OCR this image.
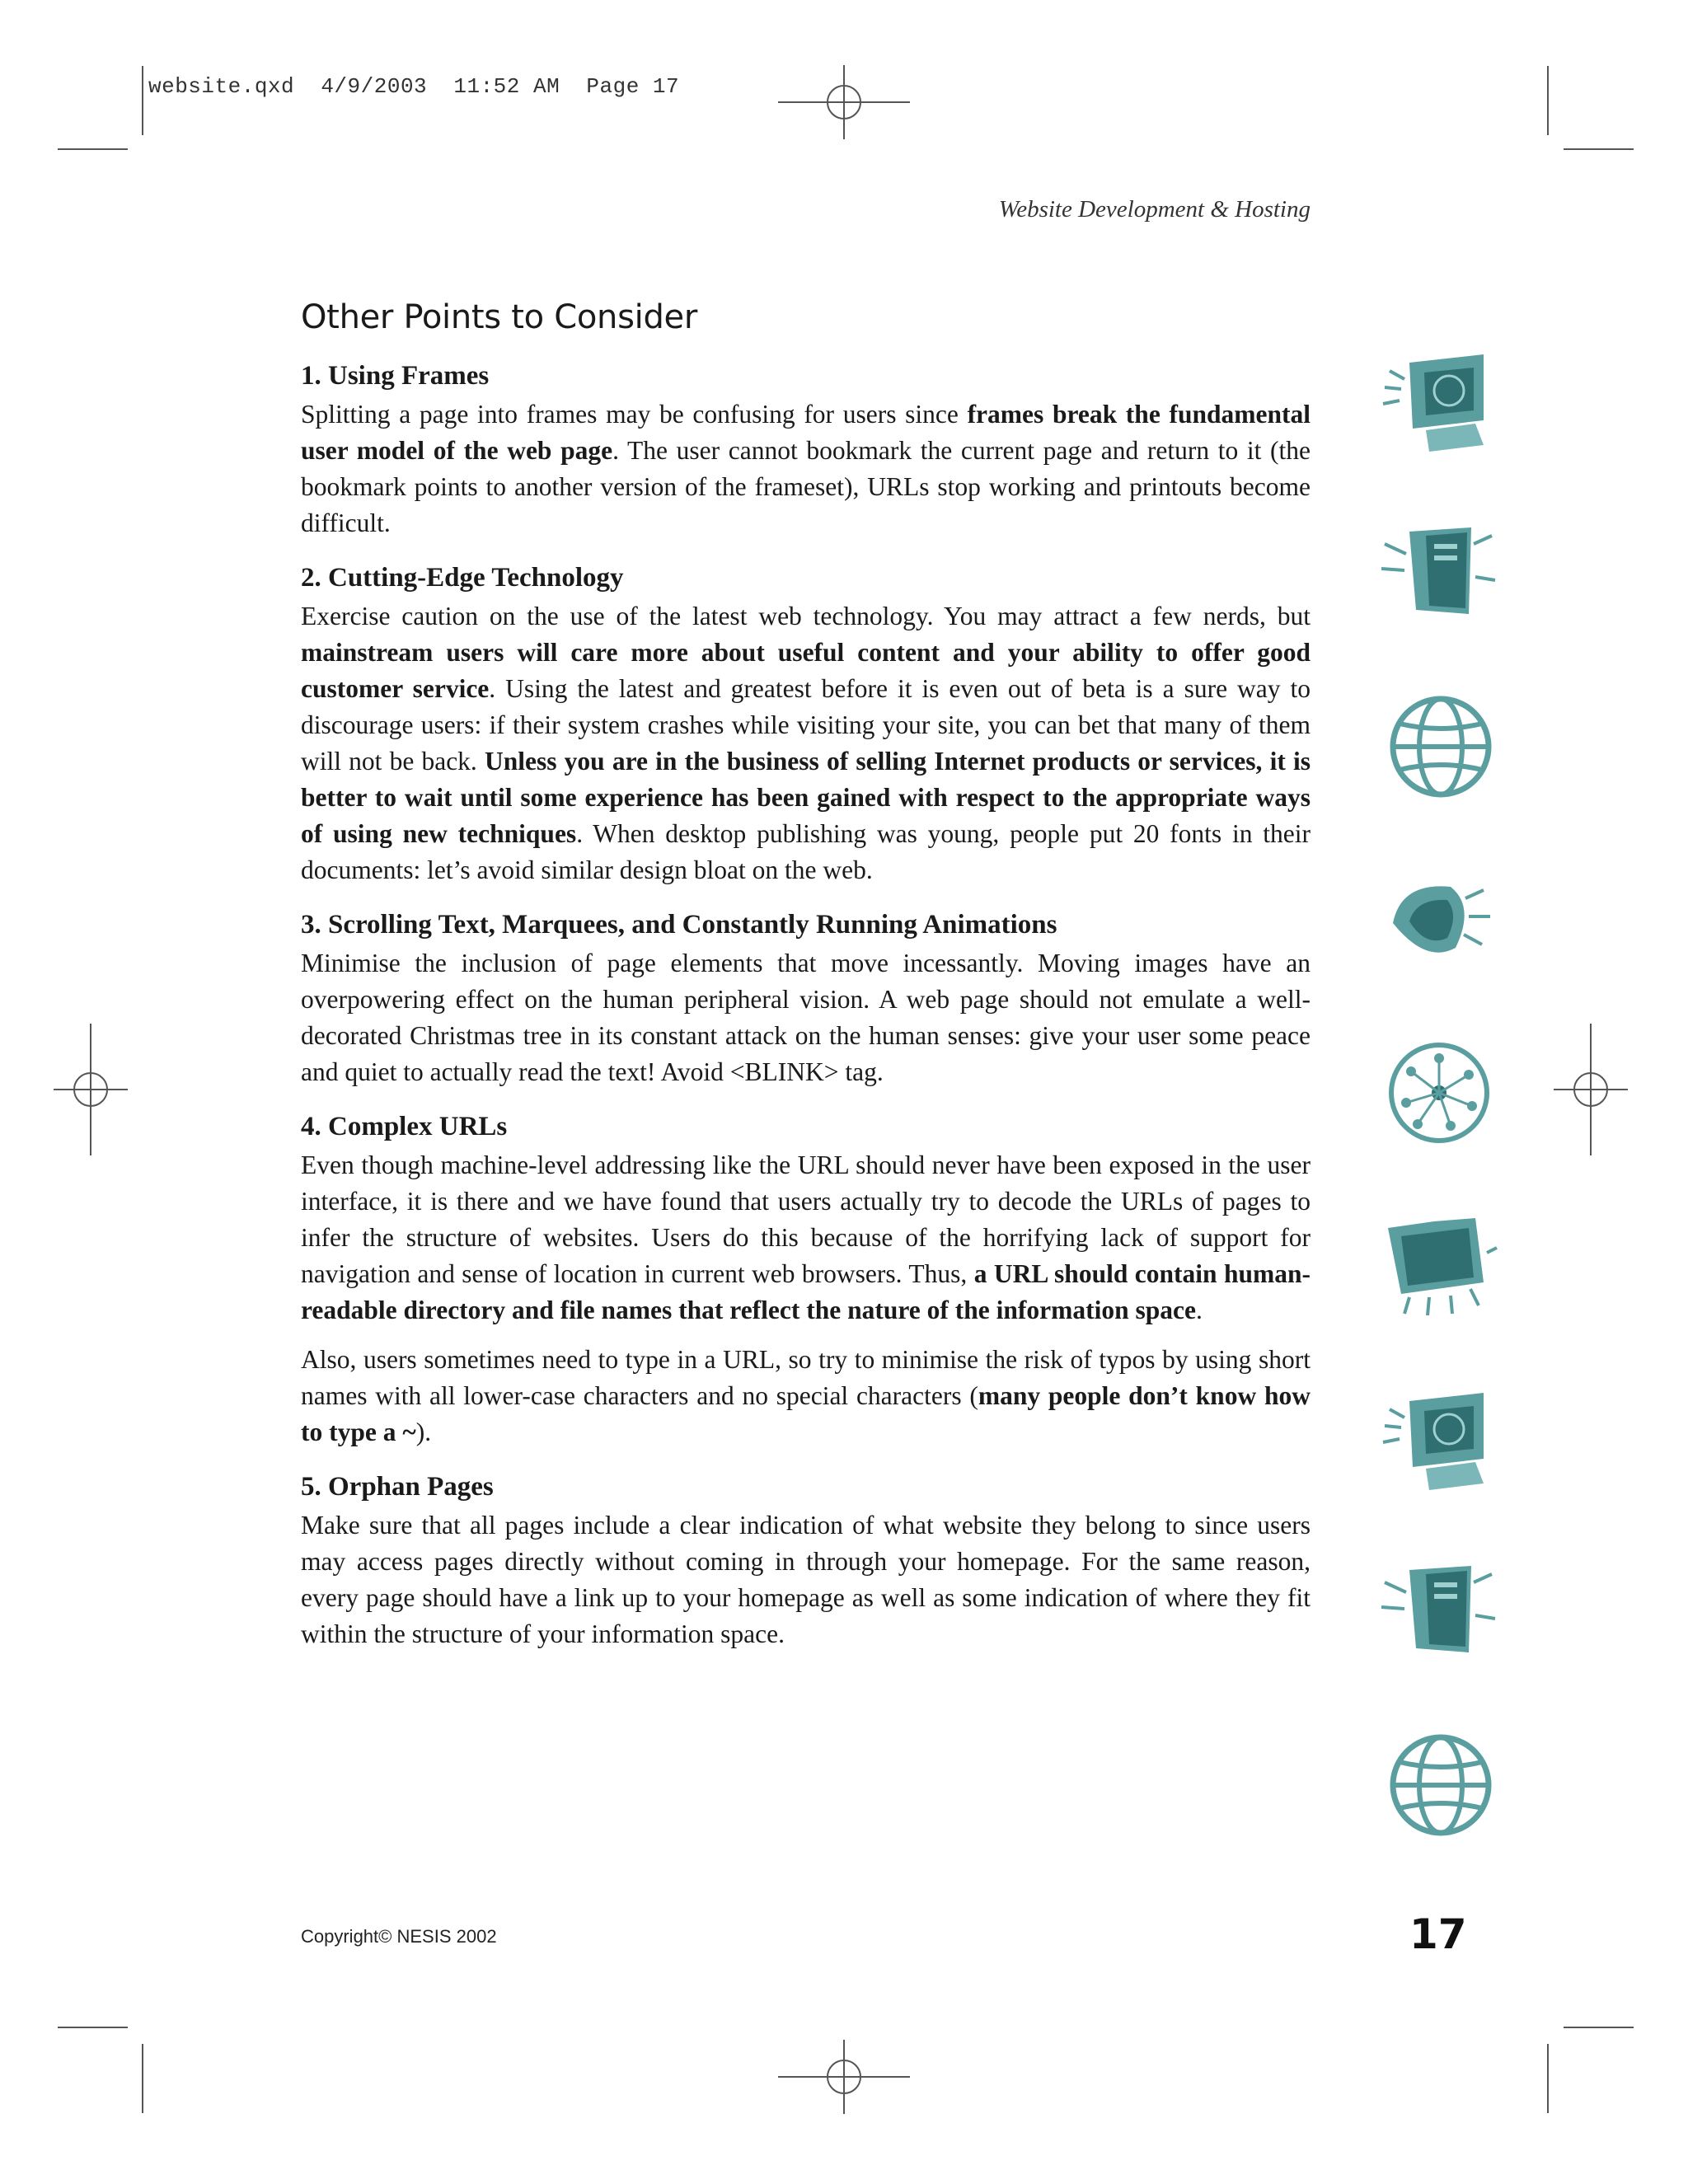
website.qxd  4/9/2003  11:52 AM  Page 17
Website Development & Hosting
Other Points to Consider
1. Using Frames

Splitting a page into frames may be confusing for users since frames break the fundamental user model of the web page. The user cannot bookmark the current page and return to it (the bookmark points to another version of the frameset), URLs stop working and printouts become difficult.

2. Cutting-Edge Technology

Exercise caution on the use of the latest web technology. You may attract a few nerds, but mainstream users will care more about useful content and your ability to offer good customer service. Using the latest and greatest before it is even out of beta is a sure way to discourage users: if their system crashes while visiting your site, you can bet that many of them will not be back. Unless you are in the business of selling Internet products or services, it is better to wait until some experience has been gained with respect to the appropriate ways of using new techniques. When desktop publishing was young, people put 20 fonts in their documents: let’s avoid similar design bloat on the web.

3. Scrolling Text, Marquees, and Constantly Running Animations

Minimise the inclusion of page elements that move incessantly. Moving images have an overpowering effect on the human peripheral vision. A web page should not emulate a well-decorated Christmas tree in its constant attack on the human senses: give your user some peace and quiet to actually read the text! Avoid <BLINK> tag.

4. Complex URLs

Even though machine-level addressing like the URL should never have been exposed in the user interface, it is there and we have found that users actually try to decode the URLs of pages to infer the structure of websites. Users do this because of the horrifying lack of support for navigation and sense of location in current web browsers. Thus, a URL should contain human-readable directory and file names that reflect the nature of the information space.

Also, users sometimes need to type in a URL, so try to minimise the risk of typos by using short names with all lower-case characters and no special characters (many people don’t know how to type a ~).

5. Orphan Pages

Make sure that all pages include a clear indication of what website they belong to since users may access pages directly without coming in through your homepage. For the same reason, every page should have a link up to your homepage as well as some indication of where they fit within the structure of your information space.

Copyright© NESIS 2002	17
